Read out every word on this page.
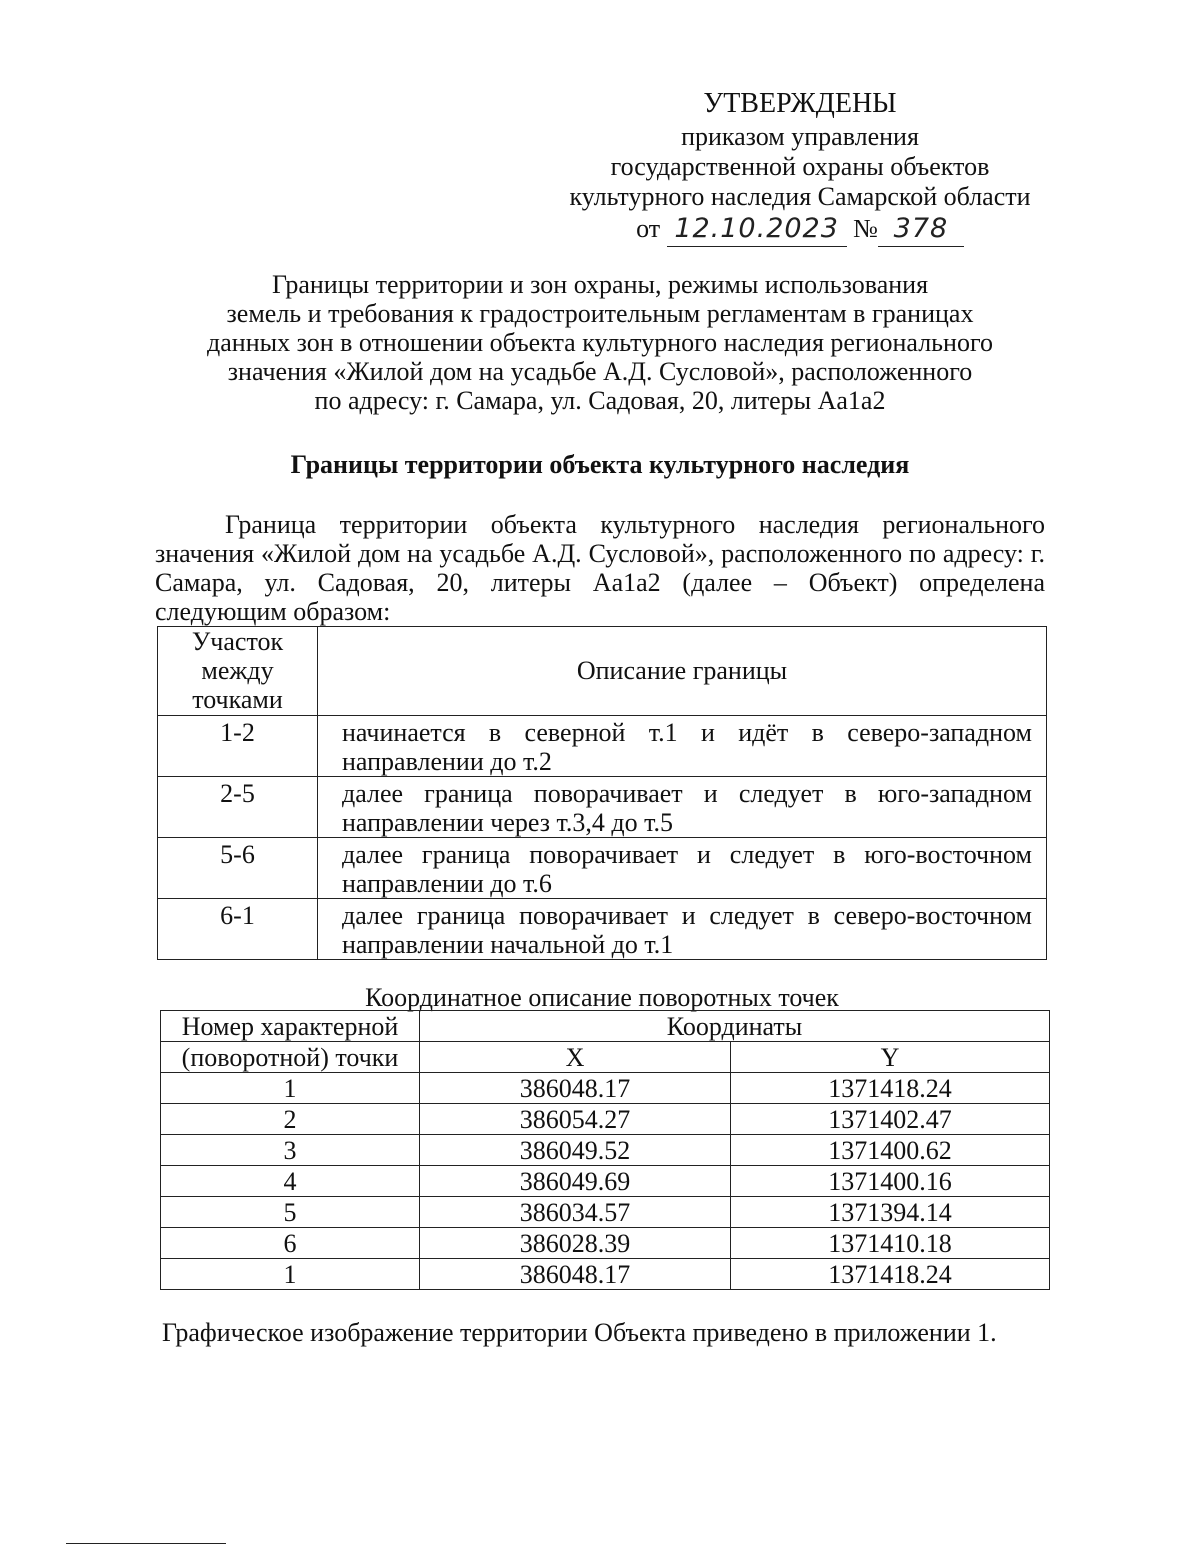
УТВЕРЖДЕНЫ
приказом управления
государственной охраны объектов
культурного наследия Самарской области
от 12.10.2023 № 378
Границы территории и зон охраны, режимы использования
земель и требования к градостроительным регламентам в границах
данных зон в отношении объекта культурного наследия регионального
значения «Жилой дом на усадьбе А.Д. Сусловой», расположенного
по адресу: г. Самара, ул. Садовая, 20, литеры Аa1a2
Границы территории объекта культурного наследия
Граница территории объекта культурного наследия регионального значения «Жилой дом на усадьбе А.Д. Сусловой», расположенного по адресу: г. Самара, ул. Садовая, 20, литеры Аa1a2 (далее – Объект) определена следующим образом:
Участок
между
точками	Описание границы
1-2	начинается в северной т.1 и идёт в северо-западном направлении до т.2
2-5	далее граница поворачивает и следует в юго-западном направлении через т.3,4 до т.5
5-6	далее граница поворачивает и следует в юго-восточном направлении до т.6
6-1	далее граница поворачивает и следует в северо-восточном направлении начальной до т.1
Координатное описание поворотных точек
Номер характерной	Координаты	
(поворотной) точки	X	Y
1	386048.17	1371418.24
2	386054.27	1371402.47
3	386049.52	1371400.62
4	386049.69	1371400.16
5	386034.57	1371394.14
6	386028.39	1371410.18
1	386048.17	1371418.24
Графическое изображение территории Объекта приведено в приложении 1.
